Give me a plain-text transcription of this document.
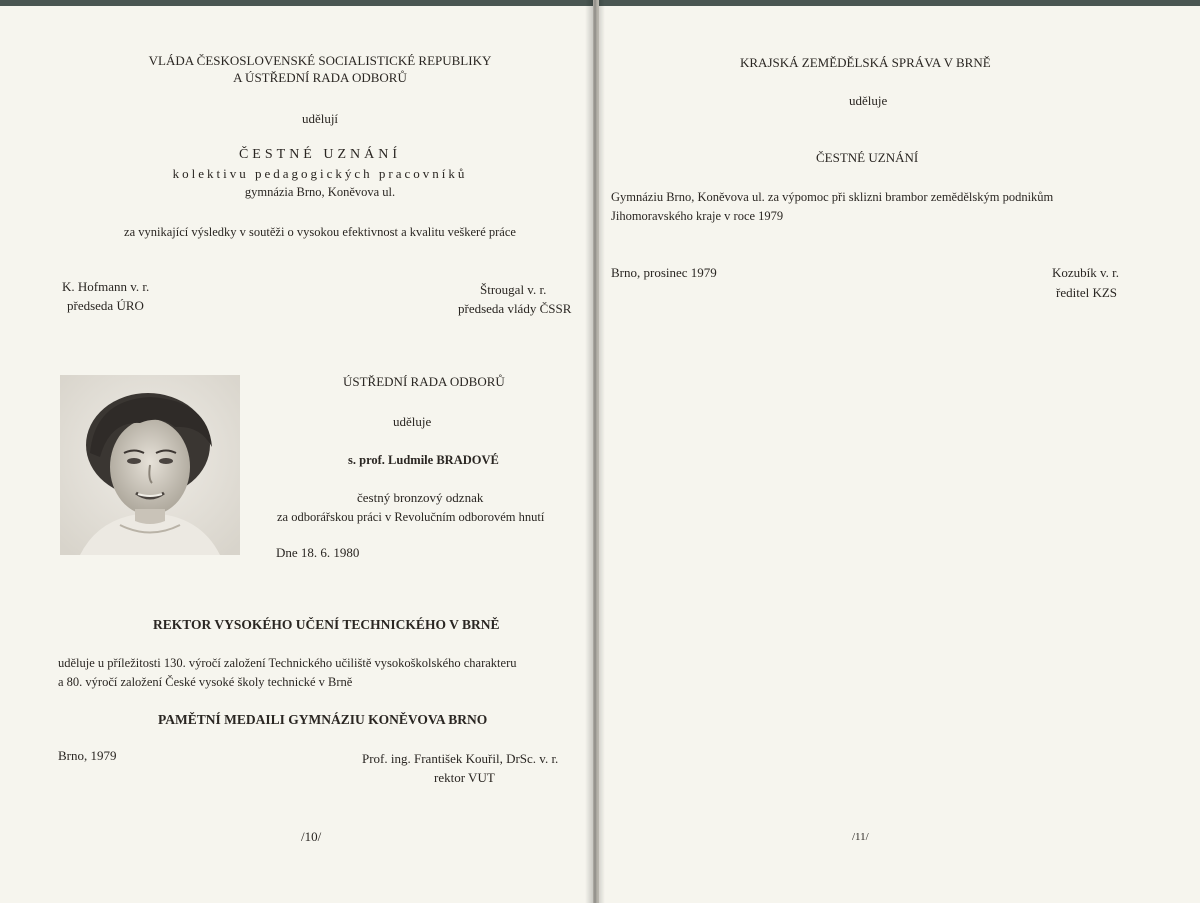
VLÁDA ČESKOSLOVENSKÉ SOCIALISTICKÉ REPUBLIKY
A ÚSTŘEDNÍ RADA ODBORŮ
udělují
ČESTNÉ UZNÁNÍ
kolektivu pedagogických pracovníků
gymnázia Brno, Koněvova ul.
za vynikající výsledky v soutěži o vysokou efektivnost a kvalitu veškeré práce
K. Hofmann v. r.
předseda ÚRO
Štrougal v. r.
předseda vlády ČSSR
ÚSTŘEDNÍ RADA ODBORŮ
uděluje
s. prof. Ludmile BRADOVÉ
čestný bronzový odznak
za odborářskou práci v Revolučním odborovém hnutí
Dne 18. 6. 1980
REKTOR VYSOKÉHO UČENÍ TECHNICKÉHO V BRNĚ
uděluje u příležitosti 130. výročí založení Technického učiliště vysokoškolského charakteru
a 80. výročí založení České vysoké školy technické v Brně
PAMĚTNÍ MEDAILI GYMNÁZIU KONĚVOVA BRNO
Brno, 1979	Prof. ing. František Kouřil, DrSc. v. r.
rektor VUT
/10/
KRAJSKÁ ZEMĚDĚLSKÁ SPRÁVA V BRNĚ
uděluje
ČESTNÉ UZNÁNÍ
Gymnáziu Brno, Koněvova ul. za výpomoc při sklizni brambor zemědělským podnikům
Jihomoravského kraje v roce 1979
Brno, prosinec 1979	Kozubík v. r.
ředitel KZS
/11/
